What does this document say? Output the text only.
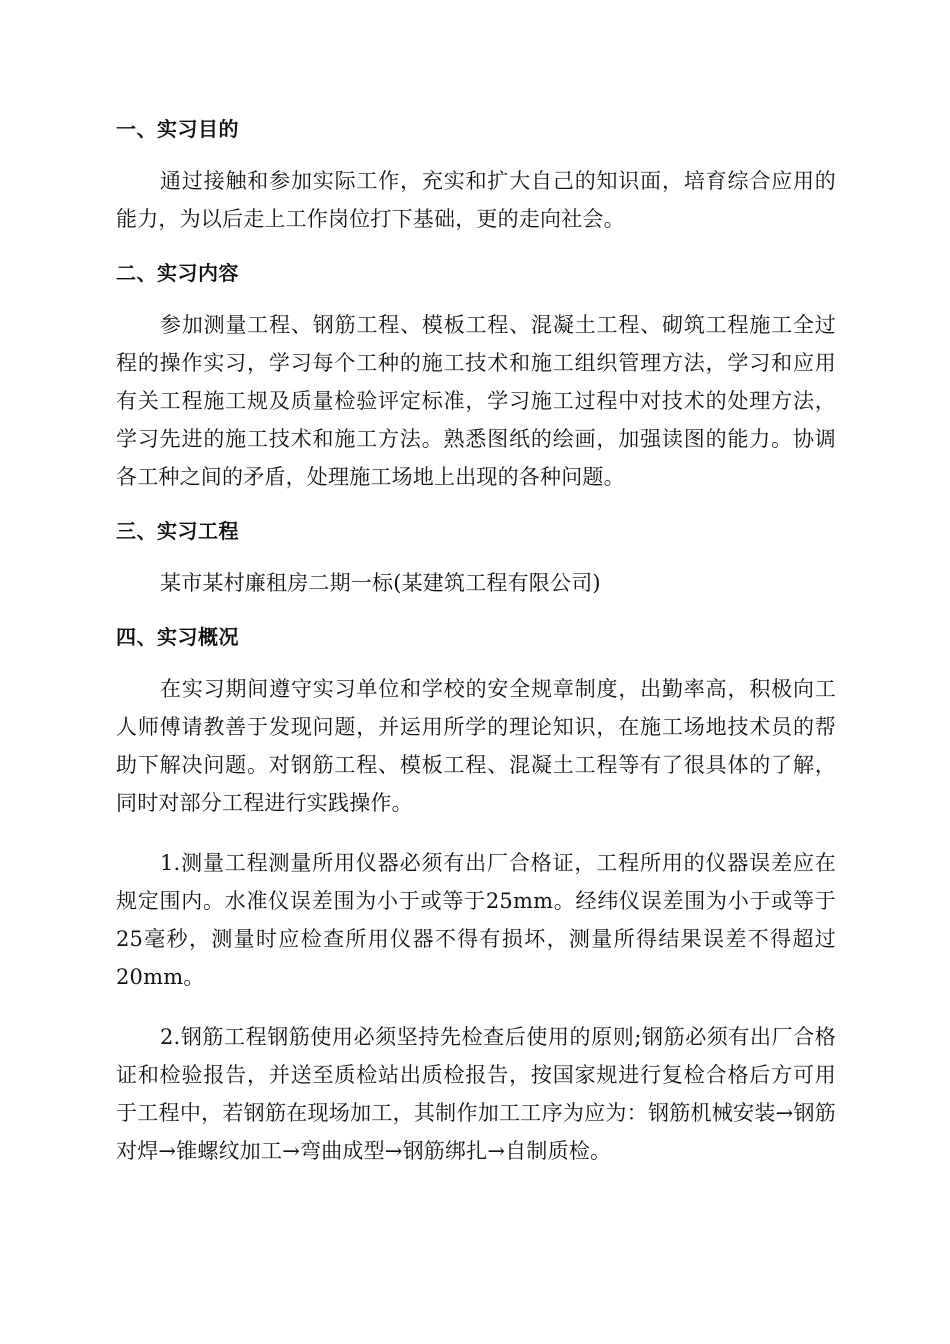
一、实习目的

通过接触和参加实际工作，充实和扩大自己的知识面，培育综合应用的能力，为以后走上工作岗位打下基础，更的走向社会。

二、实习内容

参加测量工程、钢筋工程、模板工程、混凝土工程、砌筑工程施工全过程的操作实习，学习每个工种的施工技术和施工组织管理方法，学习和应用有关工程施工规及质量检验评定标准，学习施工过程中对技术的处理方法，学习先进的施工技术和施工方法。熟悉图纸的绘画，加强读图的能力。协调各工种之间的矛盾，处理施工场地上出现的各种问题。

三、实习工程

某市某村廉租房二期一标(某建筑工程有限公司)

四、实习概况

在实习期间遵守实习单位和学校的安全规章制度，出勤率高，积极向工人师傅请教善于发现问题，并运用所学的理论知识，在施工场地技术员的帮助下解决问题。对钢筋工程、模板工程、混凝土工程等有了很具体的了解，同时对部分工程进行实践操作。

1.测量工程测量所用仪器必须有出厂合格证，工程所用的仪器误差应在规定围内。水准仪误差围为小于或等于25mm。经纬仪误差围为小于或等于25毫秒，测量时应检查所用仪器不得有损坏，测量所得结果误差不得超过20mm。

2.钢筋工程钢筋使用必须坚持先检查后使用的原则;钢筋必须有出厂合格证和检验报告，并送至质检站出质检报告，按国家规进行复检合格后方可用于工程中，若钢筋在现场加工，其制作加工工序为应为：钢筋机械安装→钢筋对焊→锥螺纹加工→弯曲成型→钢筋绑扎→自制质检。
